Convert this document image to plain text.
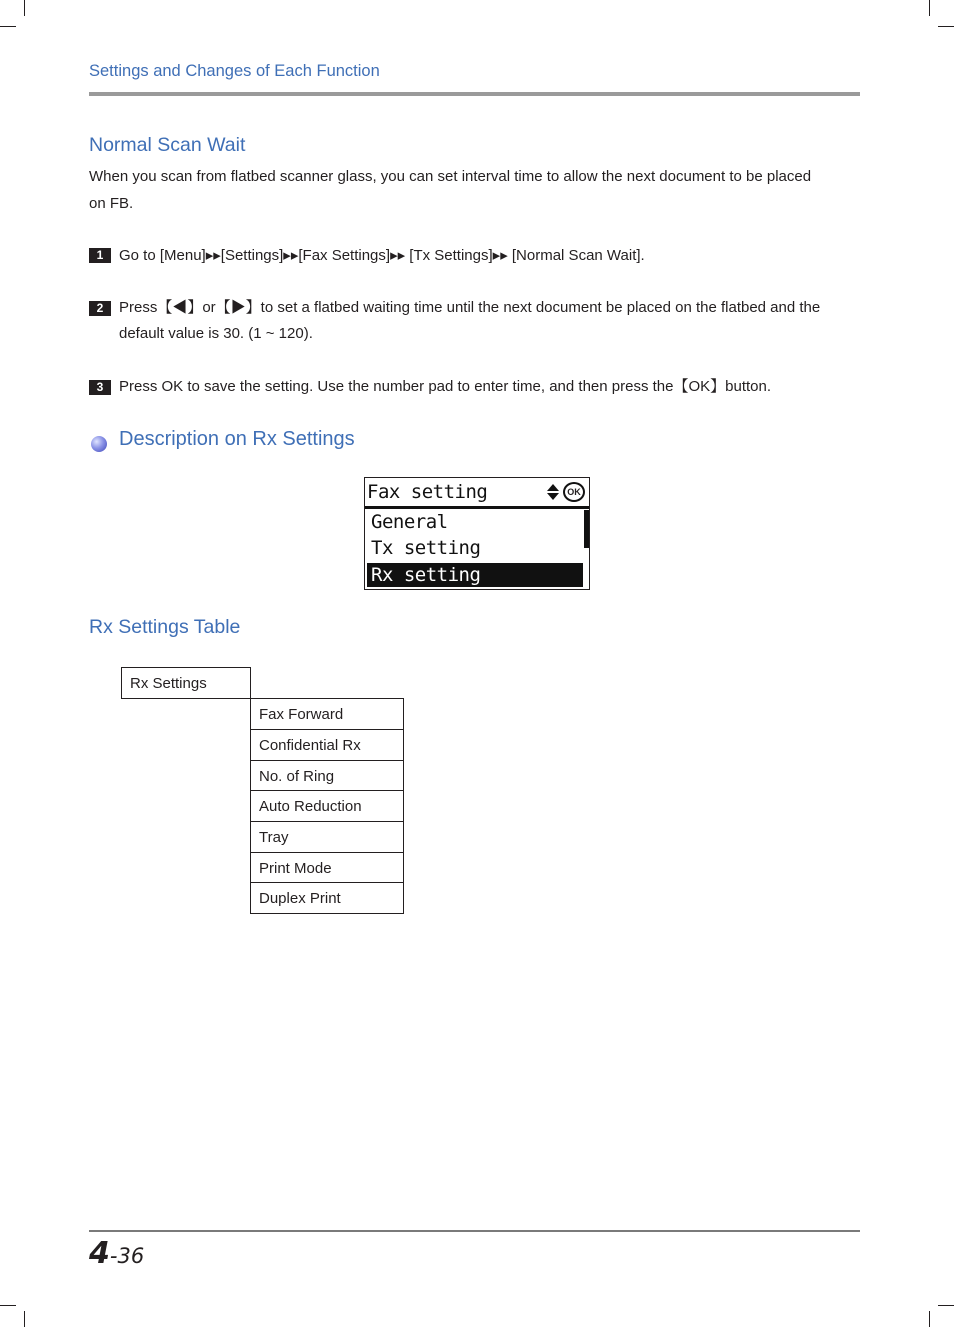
Settings and Changes of Each Function
Normal Scan Wait
When you scan from flatbed scanner glass, you can set interval time to allow the next document to be placed
on FB.
1	Go to [Menu]▸▸[Settings]▸▸[Fax Settings]▸▸ [Tx Settings]▸▸ [Normal Scan Wait].
2	Press【◀】or【▶】to set a flatbed waiting time until the next document be placed on the flatbed and the
default value is 30. (1 ~ 120).
3	Press OK to save the setting. Use the number pad to enter time, and then press the【OK】button.
Description on Rx Settings
Fax setting	OK
General
Tx setting
Rx setting
Rx Settings Table
Rx Settings
Fax Forward
Confidential Rx
No. of Ring
Auto Reduction
Tray
Print Mode
Duplex Print
4-36
